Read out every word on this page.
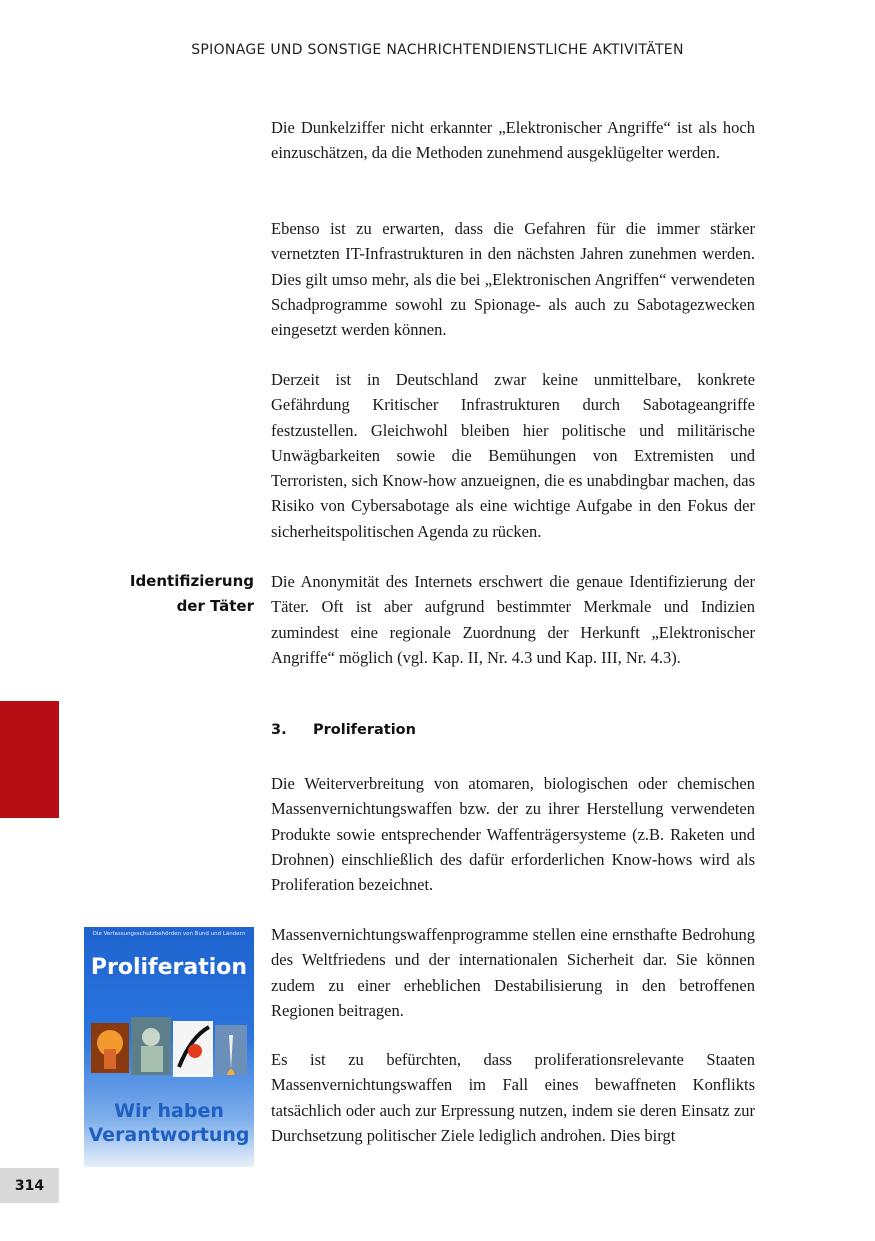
SPIONAGE UND SONSTIGE NACHRICHTENDIENSTLICHE AKTIVITÄTEN

Die Dunkelziffer nicht erkannter „Elektronischer Angriffe“ ist als hoch einzuschätzen, da die Methoden zunehmend ausgeklügelter werden.

Ebenso ist zu erwarten, dass die Gefahren für die immer stärker vernetzten IT-Infrastrukturen in den nächsten Jahren zunehmen werden. Dies gilt umso mehr, als die bei „Elektronischen Angriffen“ verwendeten Schadprogramme sowohl zu Spionage- als auch zu Sabotagezwecken eingesetzt werden können.

Derzeit ist in Deutschland zwar keine unmittelbare, konkrete Gefährdung Kritischer Infrastrukturen durch Sabotageangriffe festzustellen. Gleichwohl bleiben hier politische und militärische Unwägbarkeiten sowie die Bemühungen von Extremisten und Terroristen, sich Know-how anzueignen, die es unabdingbar machen, das Risiko von Cybersabotage als eine wichtige Aufgabe in den Fokus der sicherheitspolitischen Agenda zu rücken.

Identifizierung
der Täter

Die Anonymität des Internets erschwert die genaue Identifizierung der Täter. Oft ist aber aufgrund bestimmter Merkmale und Indizien zumindest eine regionale Zuordnung der Herkunft „Elektronischer Angriffe“ möglich (vgl. Kap. II, Nr. 4.3 und Kap. III, Nr. 4.3).

3. Proliferation

Die Weiterverbreitung von atomaren, biologischen oder chemischen Massenvernichtungswaffen bzw. der zu ihrer Herstellung verwendeten Produkte sowie entsprechender Waffenträgersysteme (z.B. Raketen und Drohnen) einschließlich des dafür erforderlichen Know-hows wird als Proliferation bezeichnet.

Massenvernichtungswaffenprogramme stellen eine ernsthafte Bedrohung des Weltfriedens und der internationalen Sicherheit dar. Sie können zudem zu einer erheblichen Destabilisierung in den betroffenen Regionen beitragen.

Es ist zu befürchten, dass proliferationsrelevante Staaten Massenvernichtungswaffen im Fall eines bewaffneten Konflikts tatsächlich oder auch zur Erpressung nutzen, indem sie deren Einsatz zur Durchsetzung politischer Ziele lediglich androhen. Dies birgt

Die Verfassungsschutzbehörden von Bund und Ländern
Proliferation
Wir haben
Verantwortung
314
